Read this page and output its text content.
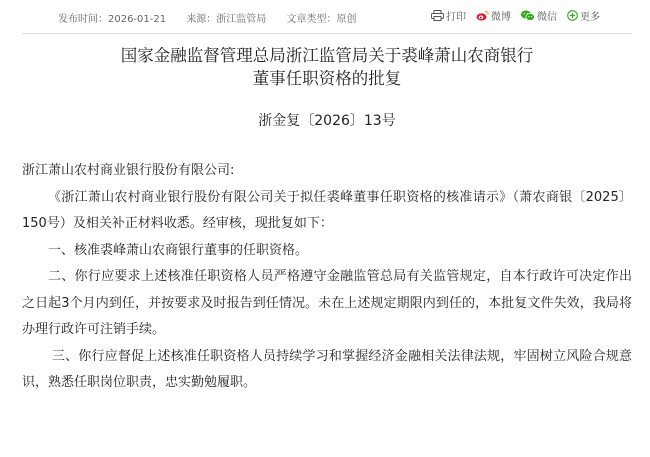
发布时间：2026-01-21 来源：浙江监管局 文章类型：原创	打印	微博	微信 更多
国家金融监督管理总局浙江监管局关于裘峰萧山农商银行
董事任职资格的批复
浙金复〔2026〕13号

浙江萧山农村商业银行股份有限公司:

《浙江萧山农村商业银行股份有限公司关于拟任裘峰董事任职资格的核准请示》（萧农商银〔2025〕150号）及相关补正材料收悉。经审核，现批复如下：

一、核准裘峰萧山农商银行董事的任职资格。

二、你行应要求上述核准任职资格人员严格遵守金融监管总局有关监管规定，自本行政许可决定作出之日起3个月内到任，并按要求及时报告到任情况。未在上述规定期限内到任的，本批复文件失效，我局将办理行政许可注销手续。

三、你行应督促上述核准任职资格人员持续学习和掌握经济金融相关法律法规，牢固树立风险合规意识，熟悉任职岗位职责，忠实勤勉履职。
